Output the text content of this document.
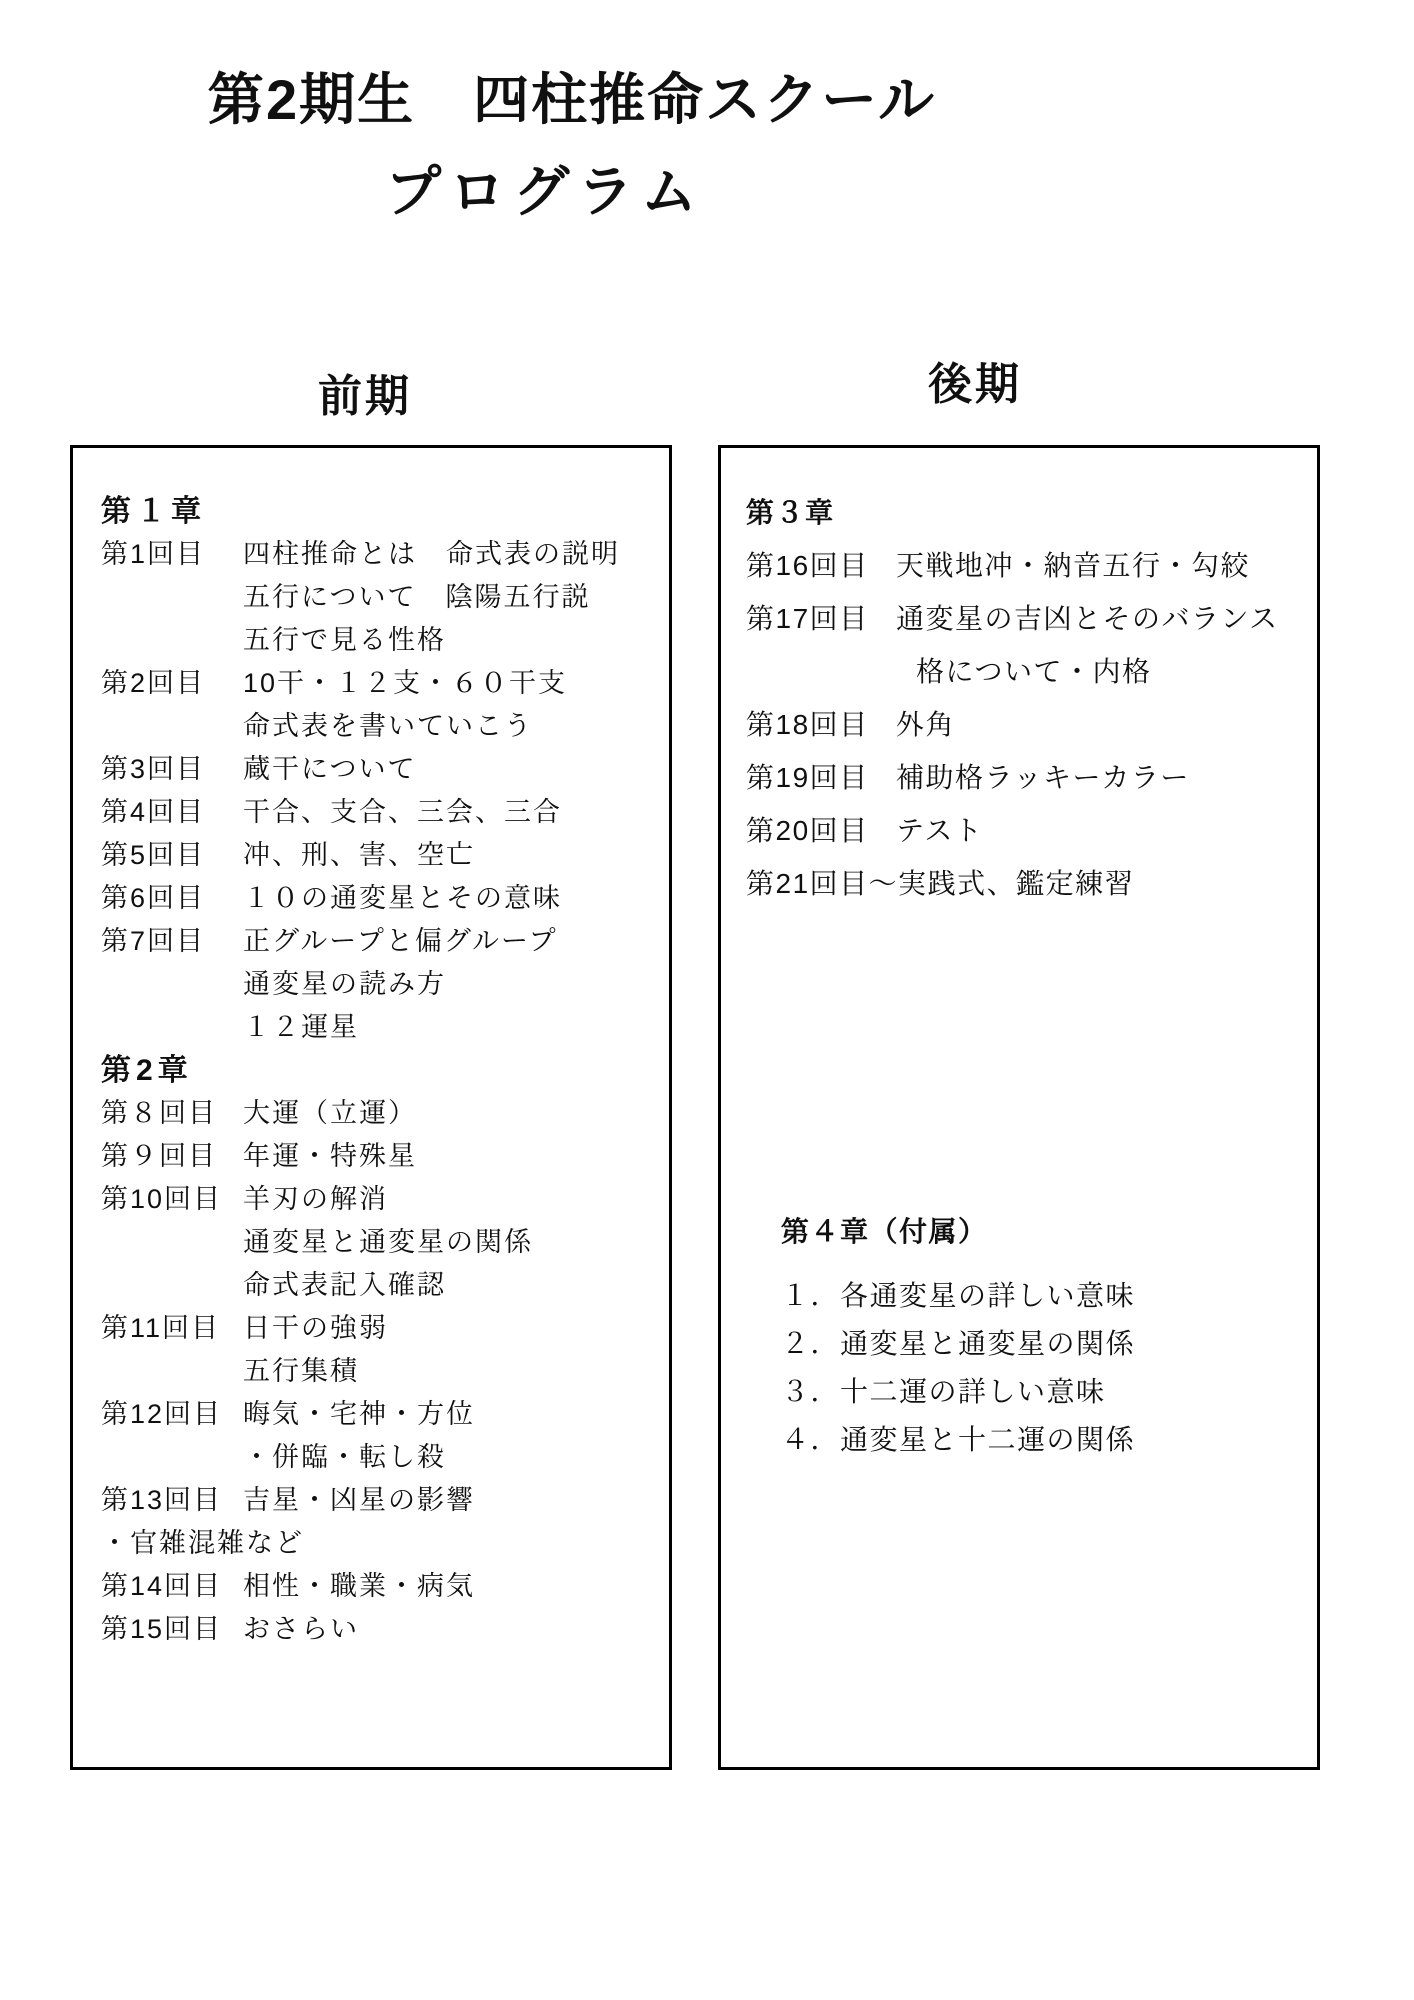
第2期生　四柱推命スクール
プログラム
前期	後期
第１章
第1回目	四柱推命とは　命式表の説明
五行について　陰陽五行説
五行で見る性格
第2回目	10干・１２支・６０干支
命式表を書いていこう
第3回目	蔵干について
第4回目	干合、支合、三会、三合
第5回目	冲、刑、害、空亡
第6回目	１０の通変星とその意味
第7回目	正グループと偏グループ
通変星の読み方
１２運星
第2章
第８回目 大運（立運）
第９回目 年運・特殊星
第10回目 羊刃の解消
通変星と通変星の関係
命式表記入確認
第11回目 日干の強弱
五行集積
第12回目 晦気・宅神・方位
・併臨・転し殺
第13回目 吉星・凶星の影響
・官雑混雑など
第14回目 相性・職業・病気
第15回目 おさらい
第３章
第16回目 天戦地冲・納音五行・勾絞
第17回目 通変星の吉凶とそのバランス
格について・内格
第18回目 外角
第19回目 補助格ラッキーカラー
第20回目 テスト
第21回目～実践式、鑑定練習
第４章（付属）
１．各通変星の詳しい意味
２．通変星と通変星の関係
３．十二運の詳しい意味
４．通変星と十二運の関係
